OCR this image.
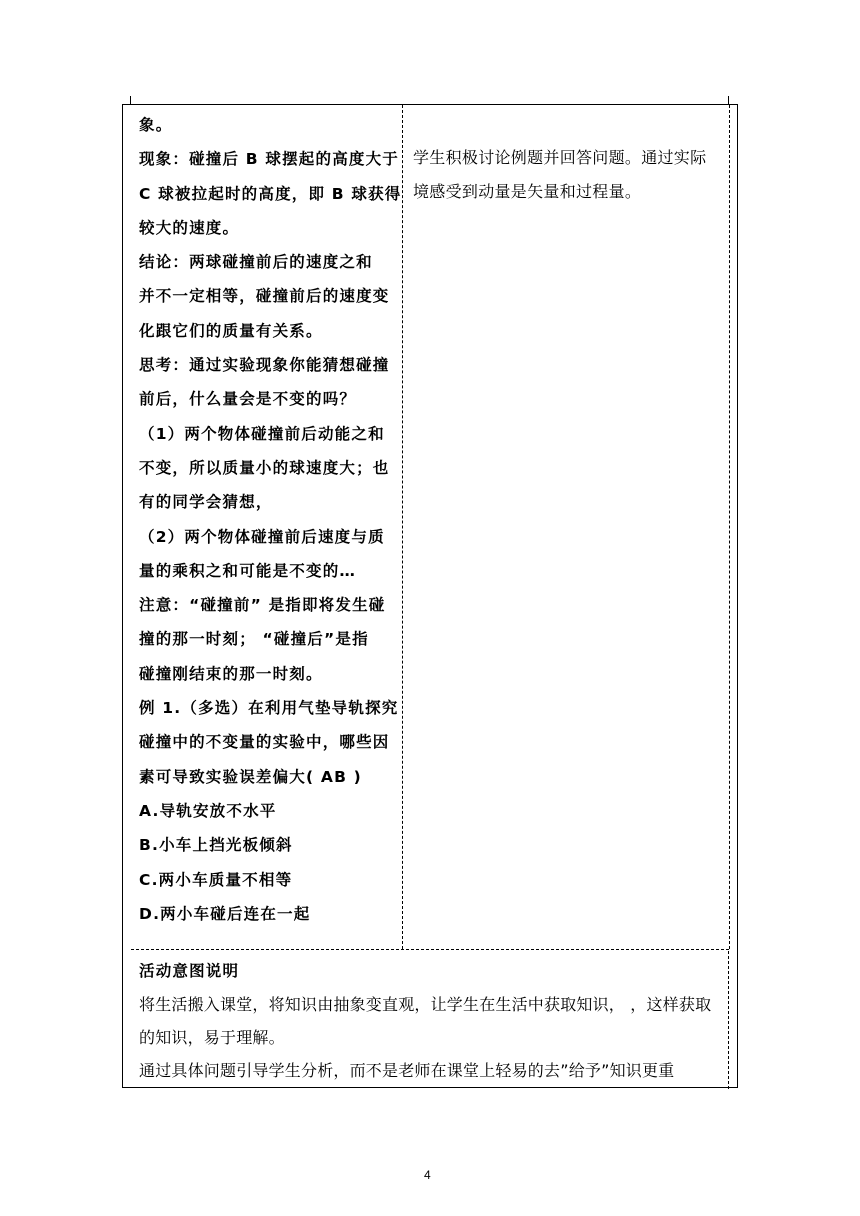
象。

现象：碰撞后 B 球摆起的高度大于

C 球被拉起时的高度，即 B 球获得

较大的速度。

结论：两球碰撞前后的速度之和

并不一定相等，碰撞前后的速度变

化跟它们的质量有关系。

思考：通过实验现象你能猜想碰撞

前后，什么量会是不变的吗？

（1）两个物体碰撞前后动能之和

不变，所以质量小的球速度大；也

有的同学会猜想，

（2）两个物体碰撞前后速度与质

量的乘积之和可能是不变的…

注意：“碰撞前” 是指即将发生碰

撞的那一时刻； “碰撞后”是指

碰撞刚结束的那一时刻。

例 1.（多选）在利用气垫导轨探究

碰撞中的不变量的实验中，哪些因

素可导致实验误差偏大( AB )

A.导轨安放不水平

B.小车上挡光板倾斜

C.两小车质量不相等

D.两小车碰后连在一起

学生积极讨论例题并回答问题。通过实际

境感受到动量是矢量和过程量。

活动意图说明

将生活搬入课堂，将知识由抽象变直观，让学生在生活中获取知识， ，这样获取

的知识，易于理解。

通过具体问题引导学生分析，而不是老师在课堂上轻易的去”给予”知识更重

4
